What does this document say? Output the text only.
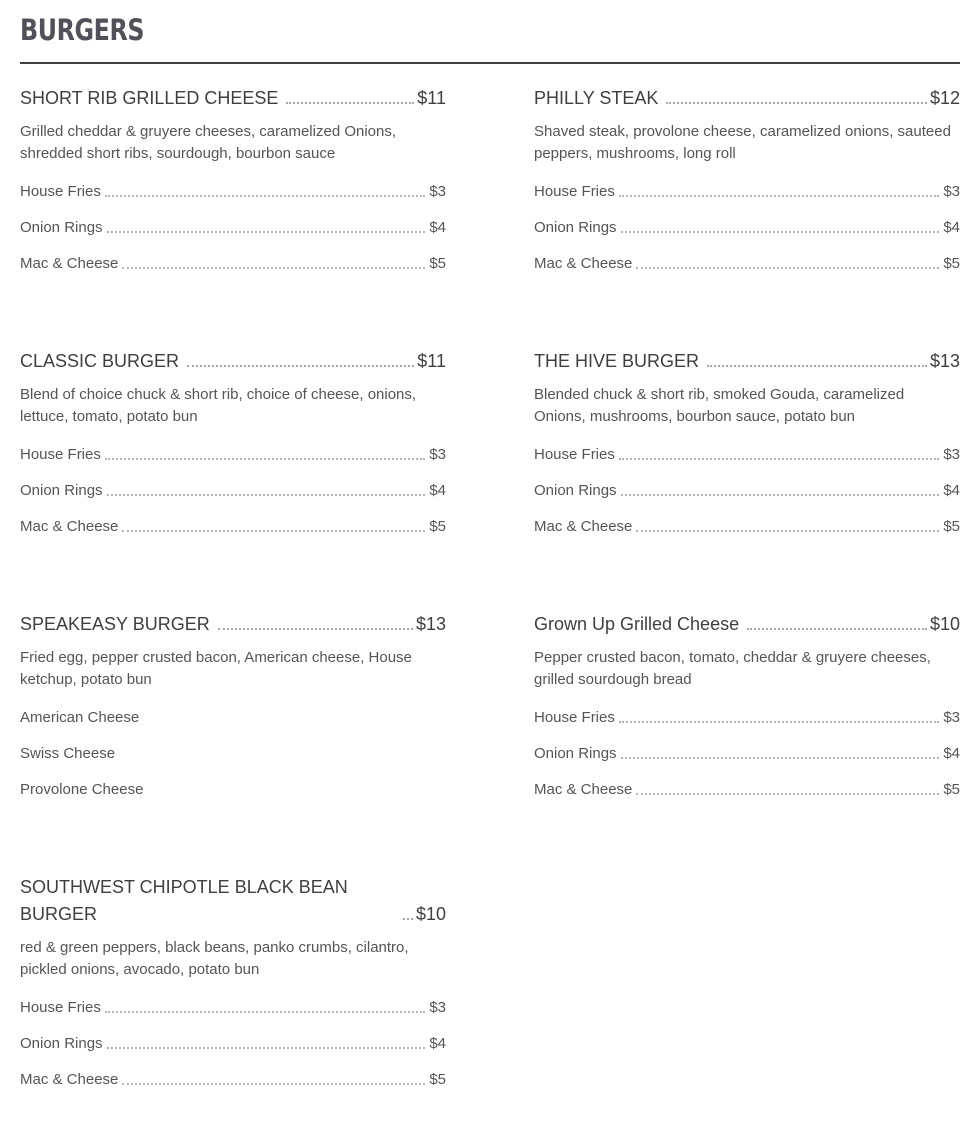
BURGERS
SHORT RIB GRILLED CHEESE	$11
Grilled cheddar & gruyere cheeses, caramelized Onions, shredded short ribs, sourdough, bourbon sauce
House Fries	$3
Onion Rings	$4
Mac & Cheese	$5
PHILLY STEAK	$12
Shaved steak, provolone cheese, caramelized onions, sauteed peppers, mushrooms, long roll
House Fries	$3
Onion Rings	$4
Mac & Cheese	$5
CLASSIC BURGER	$11
Blend of choice chuck & short rib, choice of cheese, onions, lettuce, tomato, potato bun
House Fries	$3
Onion Rings	$4
Mac & Cheese	$5
THE HIVE BURGER	$13
Blended chuck & short rib, smoked Gouda, caramelized Onions, mushrooms, bourbon sauce, potato bun
House Fries	$3
Onion Rings	$4
Mac & Cheese	$5
SPEAKEASY BURGER	$13
Fried egg, pepper crusted bacon, American cheese, House ketchup, potato bun
American Cheese
Swiss Cheese
Provolone Cheese
Grown Up Grilled Cheese	$10
Pepper crusted bacon, tomato, cheddar & gruyere cheeses, grilled sourdough bread
House Fries	$3
Onion Rings	$4
Mac & Cheese	$5
SOUTHWEST CHIPOTLE BLACK BEAN BURGER	$10
red & green peppers, black beans, panko crumbs, cilantro, pickled onions, avocado, potato bun
House Fries	$3
Onion Rings	$4
Mac & Cheese	$5
